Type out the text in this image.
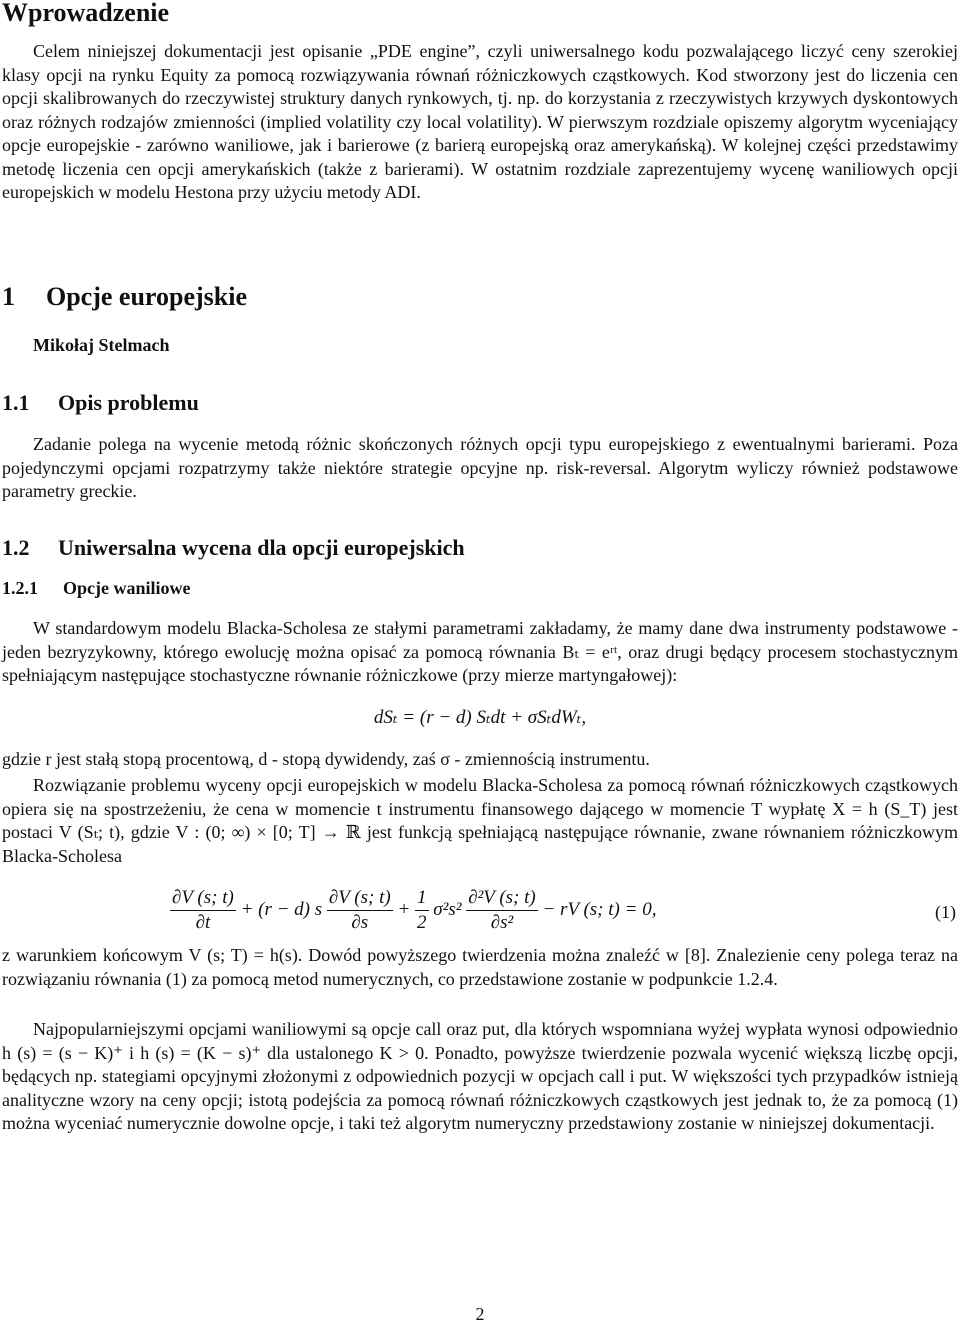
Wprowadzenie

Celem niniejszej dokumentacji jest opisanie „PDE engine”, czyli uniwersalnego kodu pozwalającego liczyć ceny szerokiej klasy opcji na rynku Equity za pomocą rozwiązywania równań różniczkowych cząstkowych. Kod stworzony jest do liczenia cen opcji skalibrowanych do rzeczywistej struktury danych rynkowych, tj. np. do korzystania z rzeczywistych krzywych dyskontowych oraz różnych rodzajów zmienności (implied volatility czy local volatility). W pierwszym rozdziale opiszemy algorytm wyceniający opcje europejskie - zarówno waniliowe, jak i barierowe (z barierą europejską oraz amerykańską). W kolejnej części przedstawimy metodę liczenia cen opcji amerykańskich (także z barierami). W ostatnim rozdziale zaprezentujemy wycenę waniliowych opcji europejskich w modelu Hestona przy użyciu metody ADI.

1 Opcje europejskie
Mikołaj Stelmach
1.1 Opis problemu

Zadanie polega na wycenie metodą różnic skończonych różnych opcji typu europejskiego z ewentualnymi barierami. Poza pojedynczymi opcjami rozpatrzymy także niektóre strategie opcyjne np. risk-reversal. Algorytm wyliczy również podstawowe parametry greckie.

1.2 Uniwersalna wycena dla opcji europejskich
1.2.1 Opcje waniliowe

W standardowym modelu Blacka-Scholesa ze stałymi parametrami zakładamy, że mamy dane dwa instrumenty podstawowe - jeden bezryzykowny, którego ewolucję można opisać za pomocą równania Bₜ = eʳᵗ, oraz drugi będący procesem stochastycznym spełniającym następujące stochastyczne równanie różniczkowe (przy mierze martyngałowej):

dSₜ = (r − d) Sₜdt + σSₜdWₜ,

gdzie r jest stałą stopą procentową, d - stopą dywidendy, zaś σ - zmiennością instrumentu.

Rozwiązanie problemu wyceny opcji europejskich w modelu Blacka-Scholesa za pomocą równań różniczkowych cząstkowych opiera się na spostrzeżeniu, że cena w momencie t instrumentu finansowego dającego w momencie T wypłatę X = h (S_T) jest postaci V (Sₜ; t), gdzie V : (0; ∞) × [0; T] → ℝ jest funkcją spełniającą następujące równanie, zwane równaniem różniczkowym Blacka-Scholesa

$\frac{\partial V (s; t)}{\partial t} + (r - d)$ s $\frac{\partial V (s; t)}{\partial s} + \frac{1}{2} \sigma^2s^2 \frac{\text{∂²V (s; t)}}{\text{∂s²}}$ − rV (s; t) = 0,	(1)

z warunkiem końcowym V (s; T) = h(s). Dowód powyższego twierdzenia można znaleźć w [8]. Znalezienie ceny polega teraz na rozwiązaniu równania (1) za pomocą metod numerycznych, co przedstawione zostanie w podpunkcie 1.2.4.

Najpopularniejszymi opcjami waniliowymi są opcje call oraz put, dla których wspomniana wyżej wypłata wynosi odpowiednio h (s) = (s − K)⁺ i h (s) = (K − s)⁺ dla ustalonego K > 0. Ponadto, powyższe twierdzenie pozwala wycenić większą liczbę opcji, będących np. stategiami opcyjnymi złożonymi z odpowiednich pozycji w opcjach call i put. W większości tych przypadków istnieją analityczne wzory na ceny opcji; istotą podejścia za pomocą równań różniczkowych cząstkowych jest jednak to, że za pomocą (1) można wyceniać numerycznie dowolne opcje, i taki też algorytm numeryczny przedstawiony zostanie w niniejszej dokumentacji.

2
